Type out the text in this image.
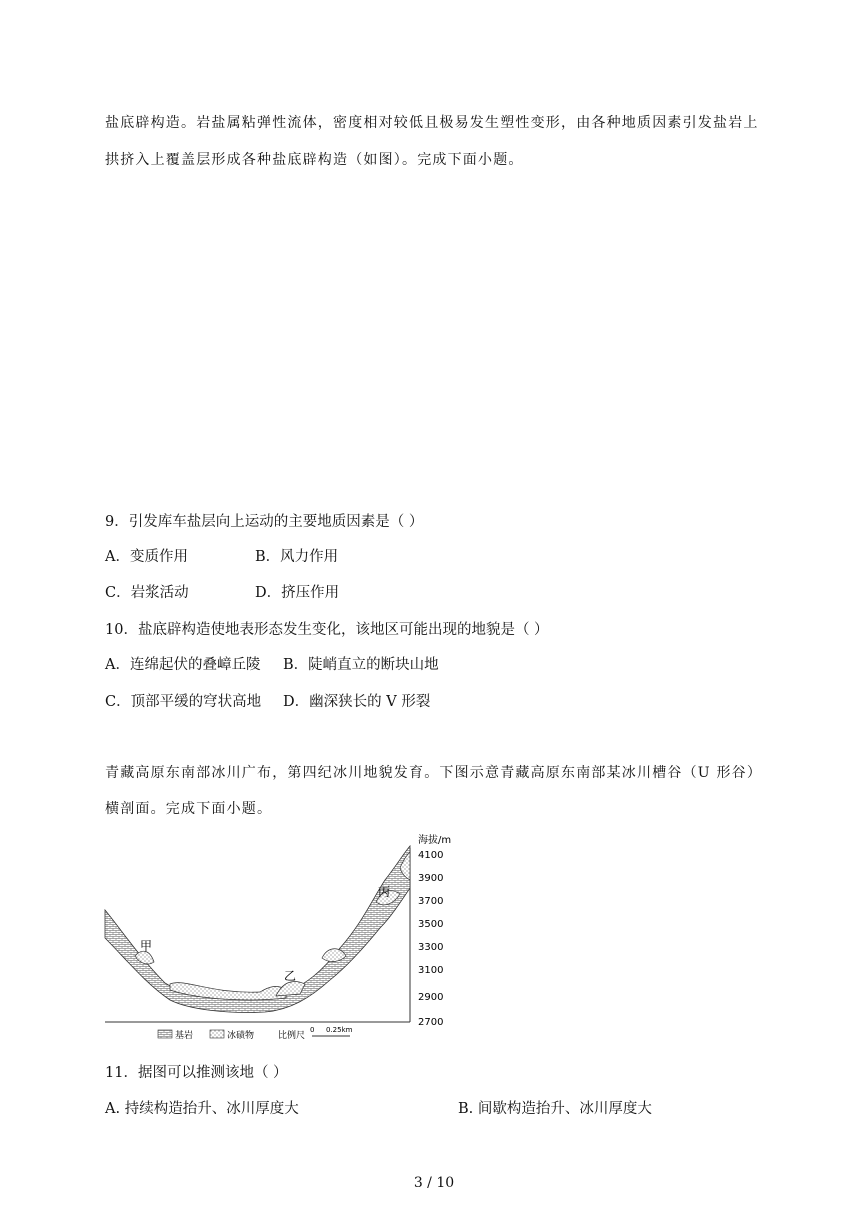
盐底辟构造。岩盐属粘弹性流体，密度相对较低且极易发生塑性变形，由各种地质因素引发盐岩上
拱挤入上覆盖层形成各种盐底辟构造（如图）。完成下面小题。
9．引发库车盐层向上运动的主要地质因素是（ ）
A．变质作用	B．风力作用
C．岩浆活动	D．挤压作用
10．盐底辟构造使地表形态发生变化，该地区可能出现的地貌是（ ）
A．连绵起伏的叠嶂丘陵 B．陡峭直立的断块山地
C．顶部平缓的穹状高地 D．幽深狭长的 V 形裂
青藏高原东南部冰川广布，第四纪冰川地貌发育。下图示意青藏高原东南部某冰川槽谷（U 形谷）
横剖面。完成下面小题。
甲
乙
丙
海拔/m
4100
3900
3700
3500
3300
3100
2900
2700
基岩	冰碛物	比例尺
0 0.25km
11．据图可以推测该地（ ）
A. 持续构造抬升、冰川厚度大	B. 间歇构造抬升、冰川厚度大
3 / 10
